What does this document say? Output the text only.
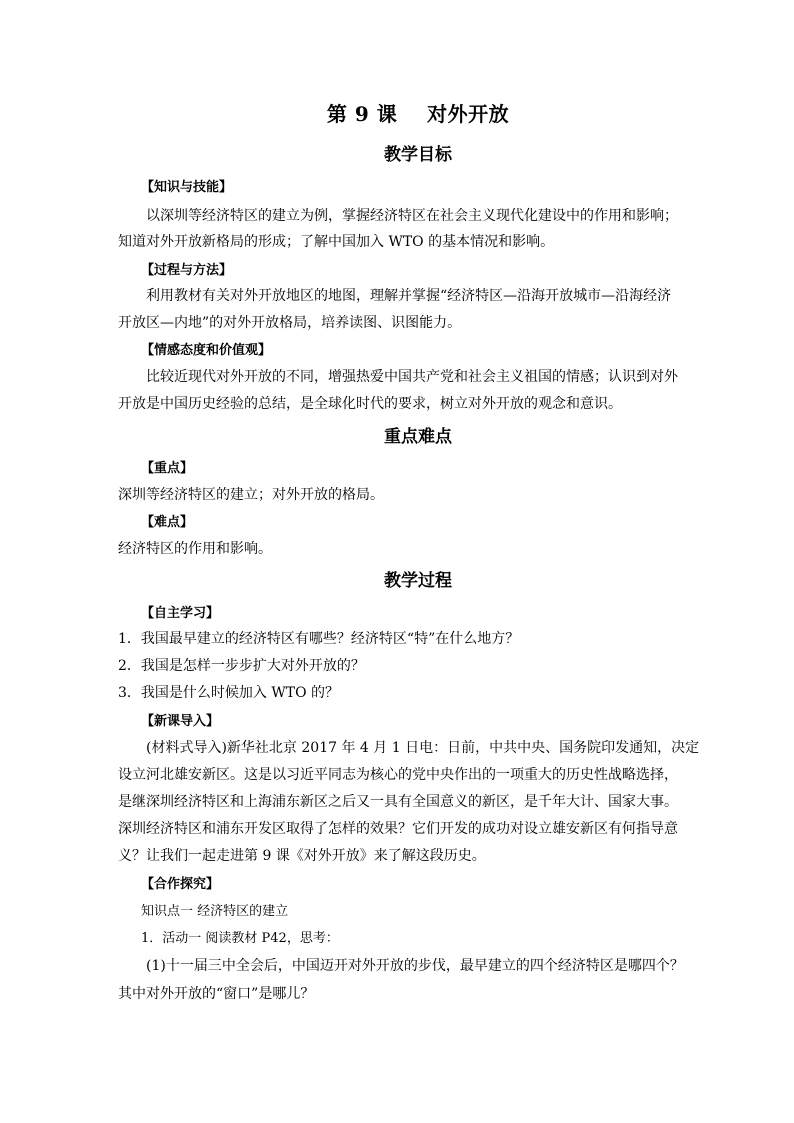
第 9 课    对外开放
教学目标
【知识与技能】
以深圳等经济特区的建立为例，掌握经济特区在社会主义现代化建设中的作用和影响；
知道对外开放新格局的形成；了解中国加入 WTO 的基本情况和影响。
【过程与方法】
利用教材有关对外开放地区的地图，理解并掌握“经济特区—沿海开放城市—沿海经济
开放区—内地”的对外开放格局，培养读图、识图能力。
【情感态度和价值观】
比较近现代对外开放的不同，增强热爱中国共产党和社会主义祖国的情感；认识到对外
开放是中国历史经验的总结，是全球化时代的要求，树立对外开放的观念和意识。
重点难点
【重点】
深圳等经济特区的建立；对外开放的格局。
【难点】
经济特区的作用和影响。
教学过程
【自主学习】
1．我国最早建立的经济特区有哪些？经济特区“特”在什么地方？
2．我国是怎样一步步扩大对外开放的？
3．我国是什么时候加入 WTO 的？
【新课导入】
(材料式导入)新华社北京 2017 年 4 月 1 日电：日前，中共中央、国务院印发通知，决定
设立河北雄安新区。这是以习近平同志为核心的党中央作出的一项重大的历史性战略选择，
是继深圳经济特区和上海浦东新区之后又一具有全国意义的新区，是千年大计、国家大事。
深圳经济特区和浦东开发区取得了怎样的效果？它们开发的成功对设立雄安新区有何指导意
义？让我们一起走进第 9 课《对外开放》来了解这段历史。
【合作探究】
知识点一 经济特区的建立
1．活动一 阅读教材 P42，思考：
(1)十一届三中全会后，中国迈开对外开放的步伐，最早建立的四个经济特区是哪四个？
其中对外开放的“窗口”是哪儿？
